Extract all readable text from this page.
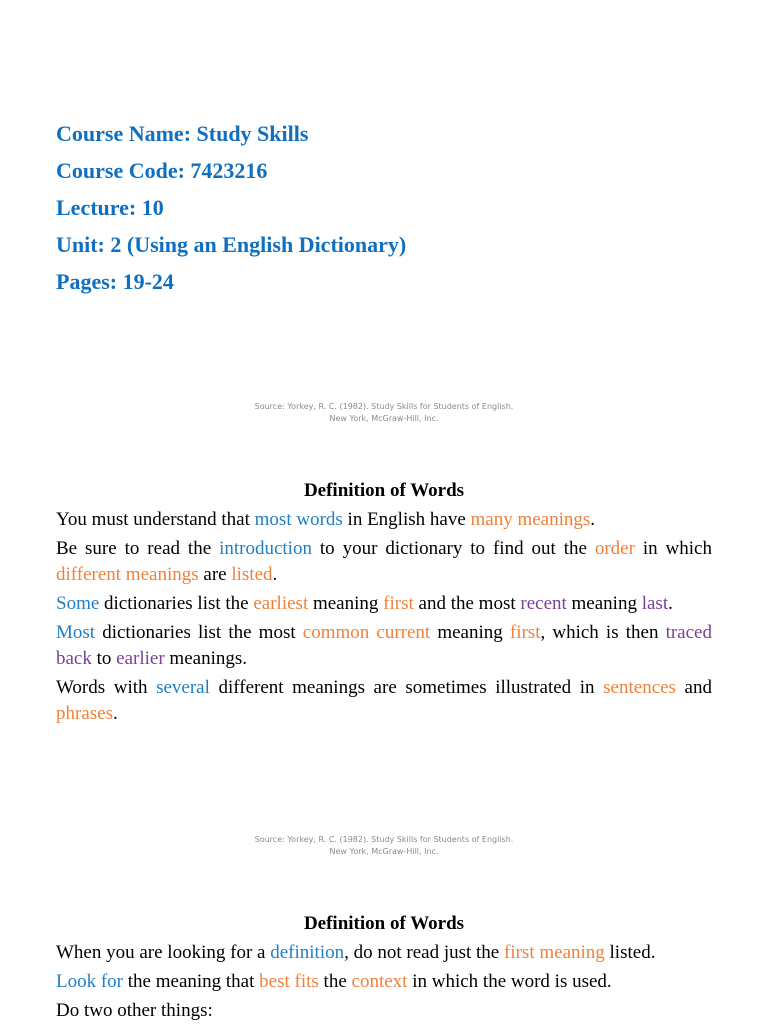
Course Name: Study Skills
Course Code: 7423216
Lecture: 10
Unit: 2 (Using an English Dictionary)
Pages: 19-24
Source: Yorkey, R. C. (1982). Study Skills for Students of English.
New York, McGraw-Hill, Inc.
Definition of Words
You must understand that most words in English have many meanings.
Be sure to read the introduction to your dictionary to find out the order in which different meanings are listed.
Some dictionaries list the earliest meaning first and the most recent meaning last.
Most dictionaries list the most common current meaning first, which is then traced back to earlier meanings.
Words with several different meanings are sometimes illustrated in sentences and phrases.
Source: Yorkey, R. C. (1982). Study Skills for Students of English.
New York, McGraw-Hill, Inc.
Definition of Words
When you are looking for a definition, do not read just the first meaning listed.
Look for the meaning that best fits the context in which the word is used.
Do two other things:
